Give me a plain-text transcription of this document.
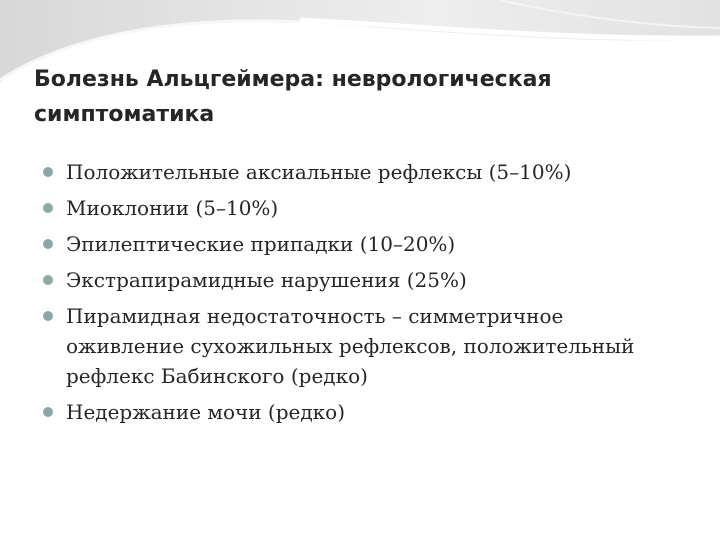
Болезнь Альцгеймера: неврологическая симптоматика
Положительные аксиальные рефлексы (5–10%)
Миоклонии (5–10%)
Эпилептические припадки (10–20%)
Экстрапирамидные нарушения (25%)
Пирамидная недостаточность – симметричное оживление сухожильных рефлексов, положительный рефлекс Бабинского (редко)
Недержание мочи (редко)
